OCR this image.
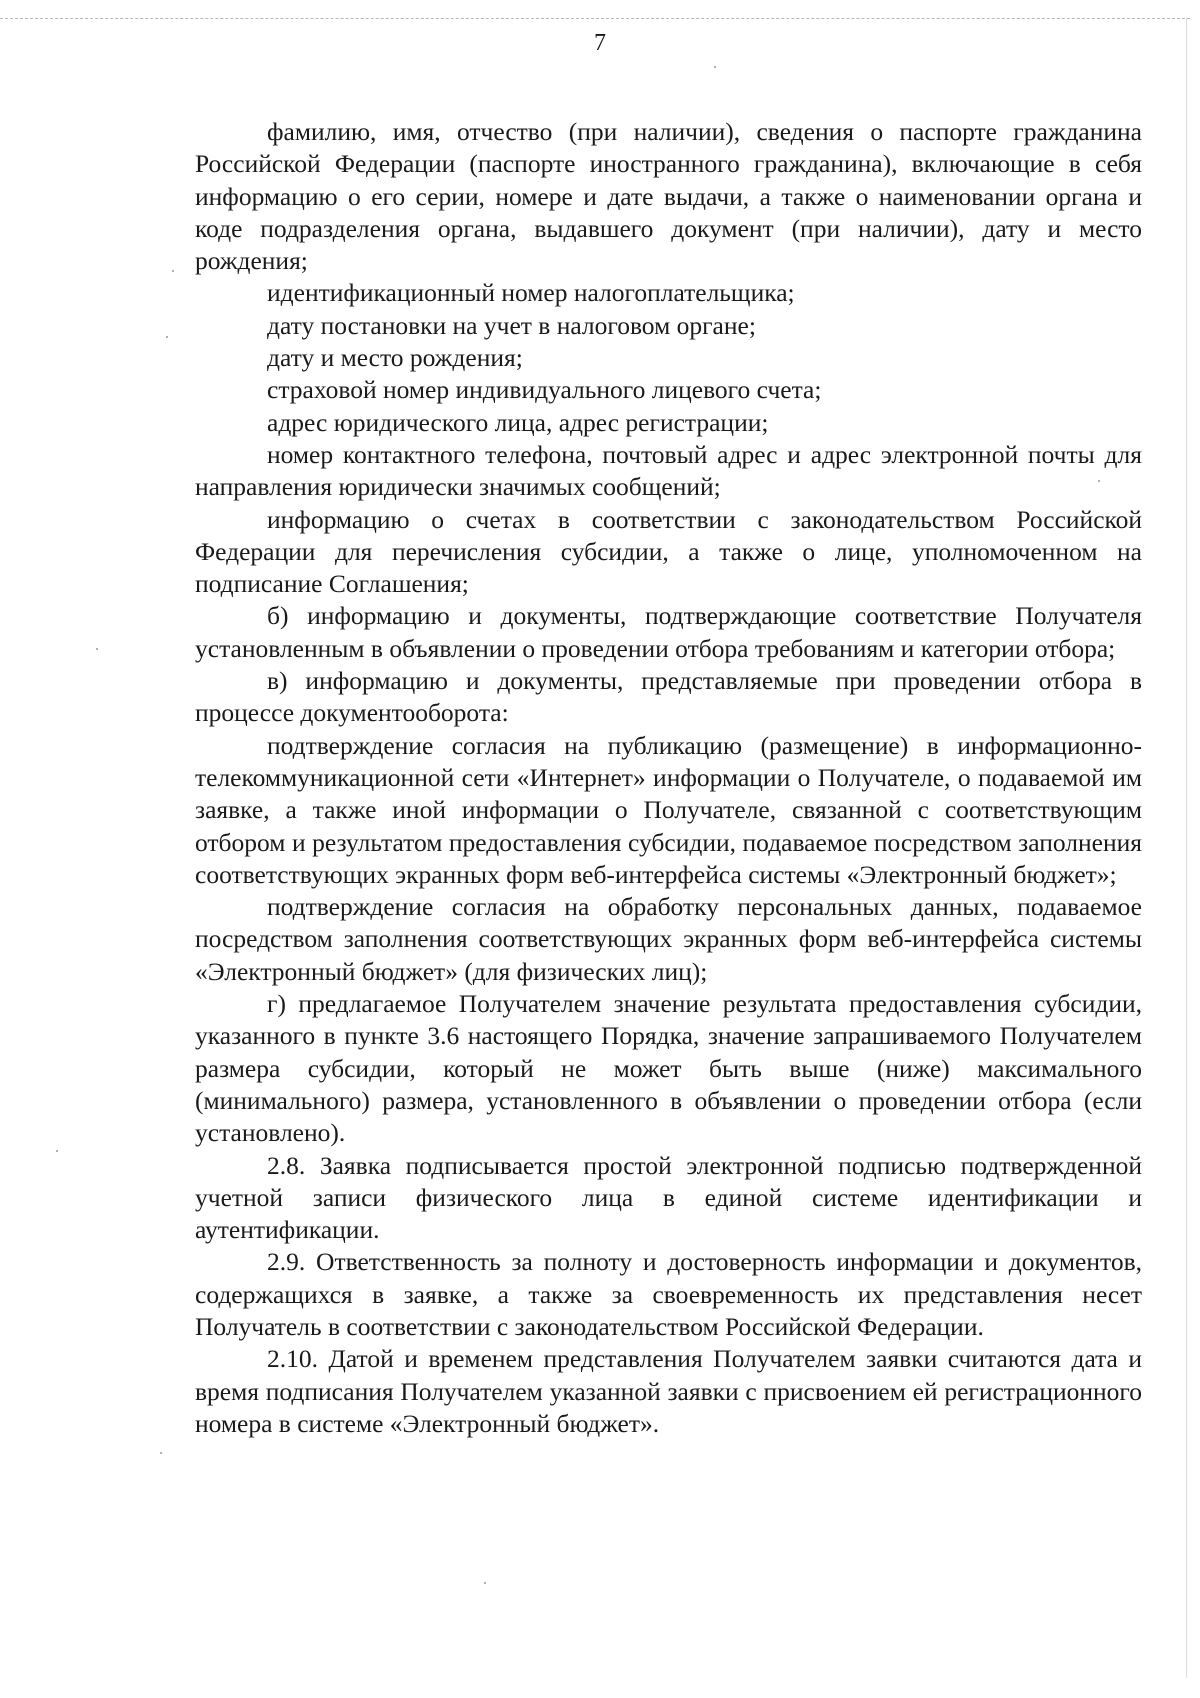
7

фамилию, имя, отчество (при наличии), сведения о паспорте гражданина Российской Федерации (паспорте иностранного гражданина), включающие в себя информацию о его серии, номере и дате выдачи, а также о наименовании органа и коде подразделения органа, выдавшего документ (при наличии), дату и место рождения;

идентификационный номер налогоплательщика;

дату постановки на учет в налоговом органе;

дату и место рождения;

страховой номер индивидуального лицевого счета;

адрес юридического лица, адрес регистрации;

номер контактного телефона, почтовый адрес и адрес электронной почты для направления юридически значимых сообщений;

информацию о счетах в соответствии с законодательством Российской Федерации для перечисления субсидии, а также о лице, уполномоченном на подписание Соглашения;

б) информацию и документы, подтверждающие соответствие Получателя установленным в объявлении о проведении отбора требованиям и категории отбора;

в) информацию и документы, представляемые при проведении отбора в процессе документооборота:

подтверждение согласия на публикацию (размещение) в информационно-телекоммуникационной сети «Интернет» информации о Получателе, о подаваемой им заявке, а также иной информации о Получателе, связанной с соответствующим отбором и результатом предоставления субсидии, подаваемое посредством заполнения соответствующих экранных форм веб-интерфейса системы «Электронный бюджет»;

подтверждение согласия на обработку персональных данных, подаваемое посредством заполнения соответствующих экранных форм веб-интерфейса системы «Электронный бюджет» (для физических лиц);

г) предлагаемое Получателем значение результата предоставления субсидии, указанного в пункте 3.6 настоящего Порядка, значение запрашиваемого Получателем размера субсидии, который не может быть выше (ниже) максимального (минимального) размера, установленного в объявлении о проведении отбора (если установлено).

2.8. Заявка подписывается простой электронной подписью подтвержденной учетной записи физического лица в единой системе идентификации и аутентификации.

2.9. Ответственность за полноту и достоверность информации и документов, содержащихся в заявке, а также за своевременность их представления несет Получатель в соответствии с законодательством Российской Федерации.

2.10. Датой и временем представления Получателем заявки считаются дата и время подписания Получателем указанной заявки с присвоением ей регистрационного номера в системе «Электронный бюджет».
